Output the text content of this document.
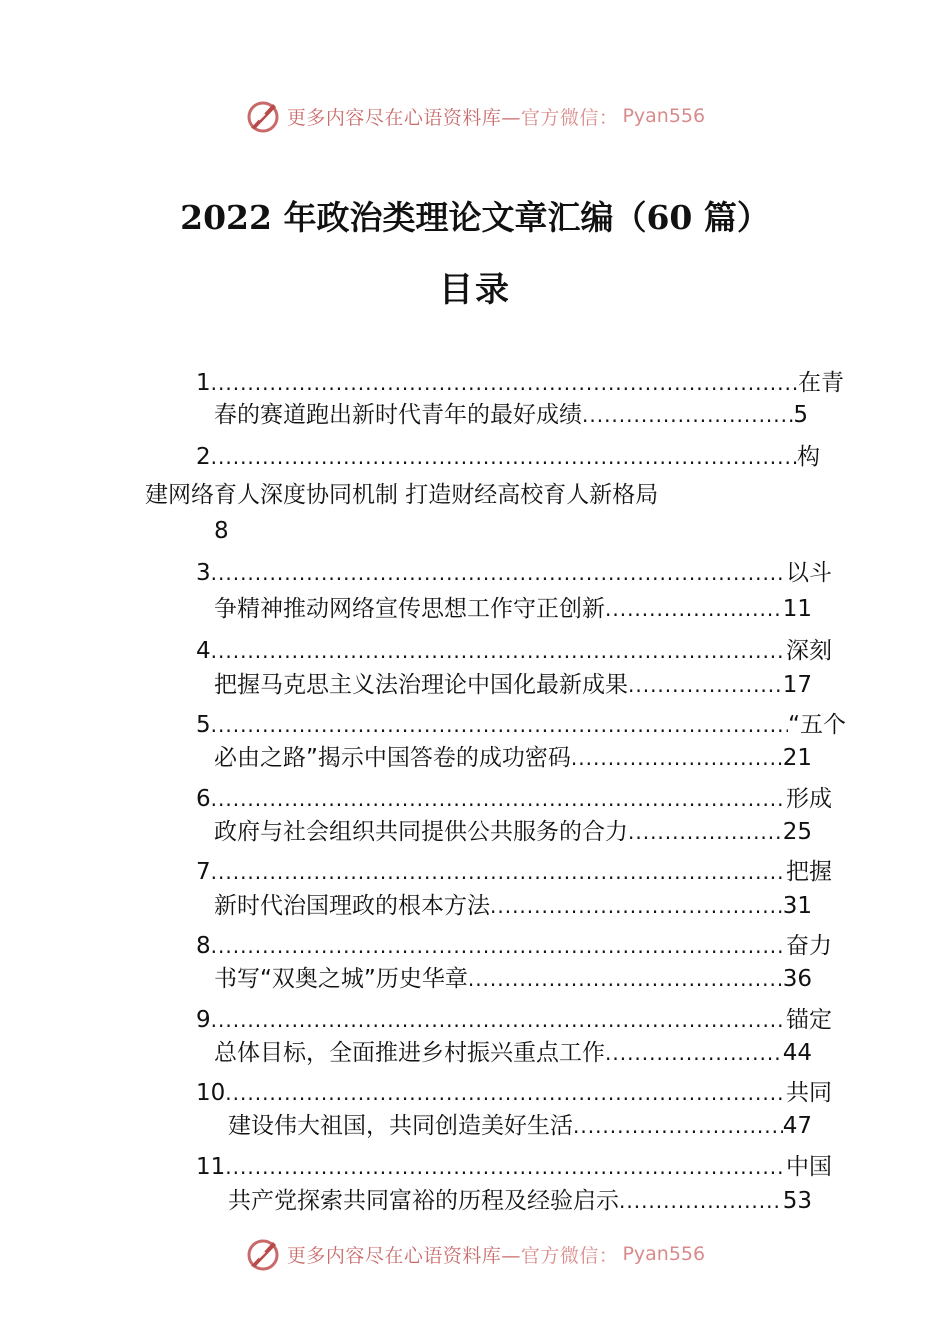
更多内容尽在心语资料库—官方微信： Pyan556
2022 年政治类理论文章汇编（60 篇）
目录
1 .....	在青
春的赛道跑出新时代青年的最好成绩 .....	5
2 .....	构
建网络育人深度协同机制 打造财经高校育人新格局
8
3 .....	以斗
争精神推动网络宣传思想工作守正创新 .....	11
4 .....	深刻
把握马克思主义法治理论中国化最新成果 .....	17
5 .....	“五个
必由之路”揭示中国答卷的成功密码 .....	21
6 .....	形成
政府与社会组织共同提供公共服务的合力 .....	25
7 .....	把握
新时代治国理政的根本方法 .....	31
8 .....	奋力
书写“双奥之城”历史华章 .....	36
9 .....	锚定
总体目标，全面推进乡村振兴重点工作 .....	44
10 .....	共同
建设伟大祖国，共同创造美好生活 .....	47
11 .....	中国
共产党探索共同富裕的历程及经验启示 .....	53
更多内容尽在心语资料库—官方微信： Pyan556
